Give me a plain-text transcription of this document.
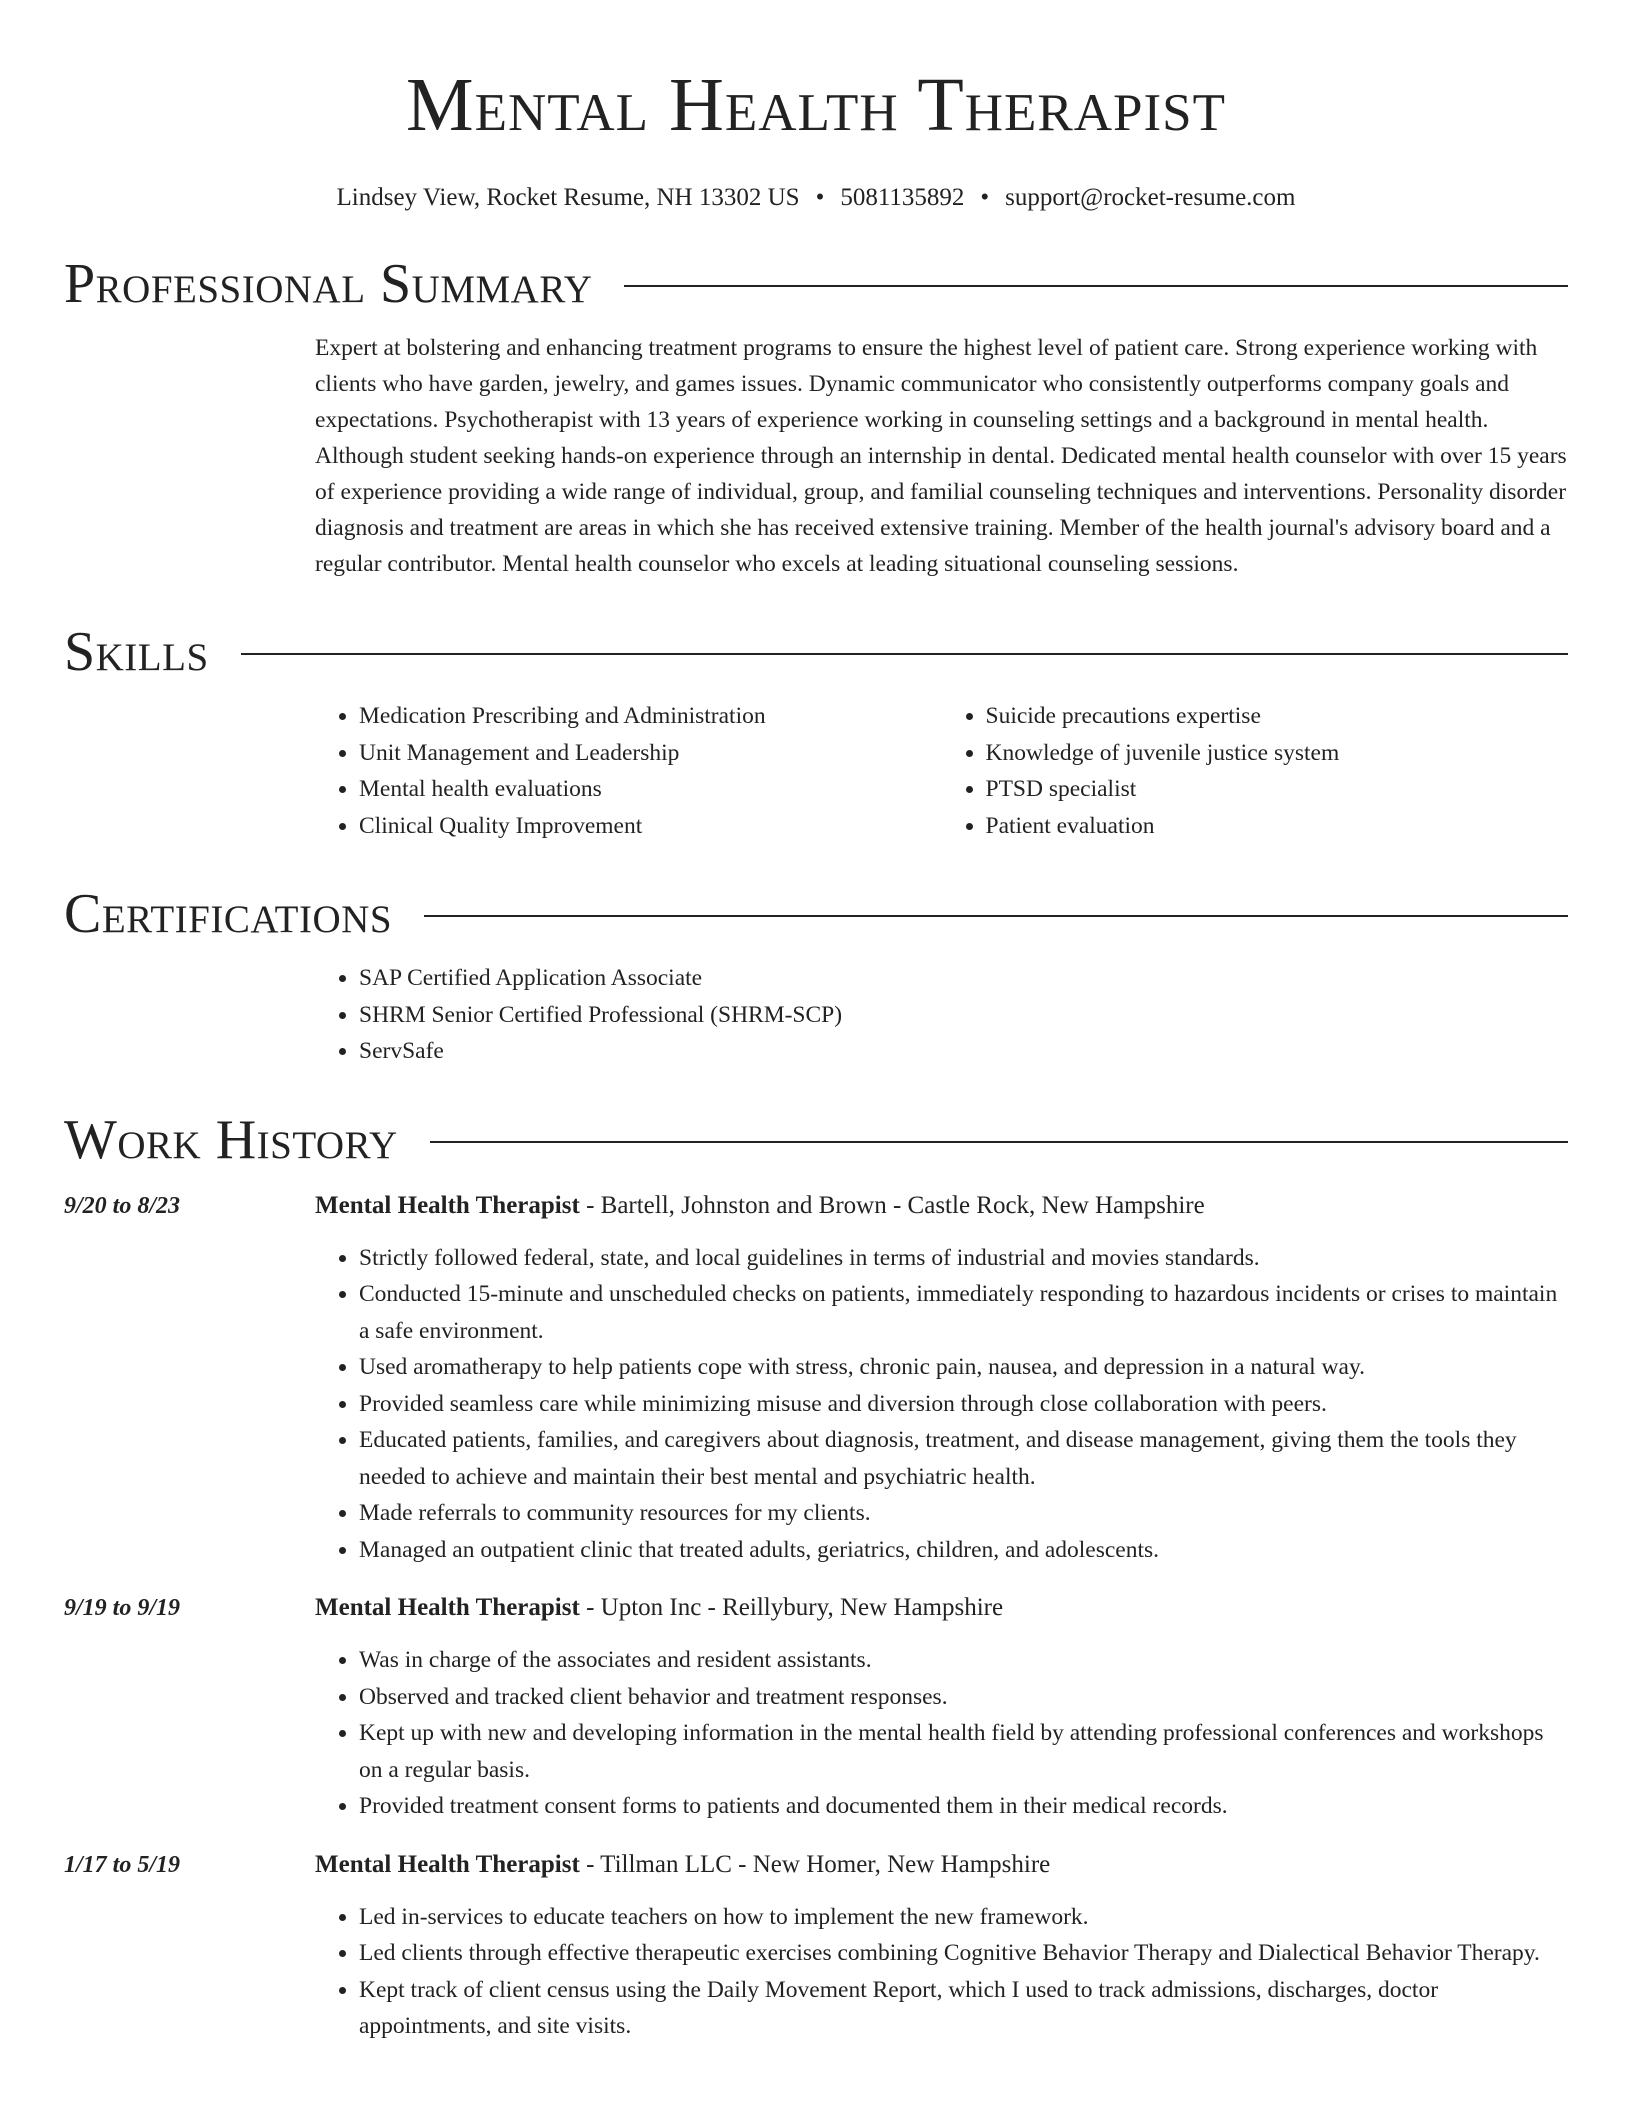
Mental Health Therapist
Lindsey View, Rocket Resume, NH 13302 US • 5081135892 • support@rocket-resume.com
Professional Summary
Expert at bolstering and enhancing treatment programs to ensure the highest level of patient care. Strong experience working with clients who have garden, jewelry, and games issues. Dynamic communicator who consistently outperforms company goals and expectations. Psychotherapist with 13 years of experience working in counseling settings and a background in mental health. Although student seeking hands-on experience through an internship in dental. Dedicated mental health counselor with over 15 years of experience providing a wide range of individual, group, and familial counseling techniques and interventions. Personality disorder diagnosis and treatment are areas in which she has received extensive training. Member of the health journal's advisory board and a regular contributor. Mental health counselor who excels at leading situational counseling sessions.
Skills
• Medication Prescribing and Administration
• Unit Management and Leadership
• Mental health evaluations
• Clinical Quality Improvement
• Suicide precautions expertise
• Knowledge of juvenile justice system
• PTSD specialist
• Patient evaluation
Certifications
• SAP Certified Application Associate
• SHRM Senior Certified Professional (SHRM-SCP)
• ServSafe
Work History
9/20 to 8/23	Mental Health Therapist - Bartell, Johnston and Brown - Castle Rock, New Hampshire
• Strictly followed federal, state, and local guidelines in terms of industrial and movies standards.
• Conducted 15-minute and unscheduled checks on patients, immediately responding to hazardous incidents or crises to maintain a safe environment.
• Used aromatherapy to help patients cope with stress, chronic pain, nausea, and depression in a natural way.
• Provided seamless care while minimizing misuse and diversion through close collaboration with peers.
• Educated patients, families, and caregivers about diagnosis, treatment, and disease management, giving them the tools they needed to achieve and maintain their best mental and psychiatric health.
• Made referrals to community resources for my clients.
• Managed an outpatient clinic that treated adults, geriatrics, children, and adolescents.
9/19 to 9/19	Mental Health Therapist - Upton Inc - Reillybury, New Hampshire
• Was in charge of the associates and resident assistants.
• Observed and tracked client behavior and treatment responses.
• Kept up with new and developing information in the mental health field by attending professional conferences and workshops on a regular basis.
• Provided treatment consent forms to patients and documented them in their medical records.
1/17 to 5/19	Mental Health Therapist - Tillman LLC - New Homer, New Hampshire
• Led in-services to educate teachers on how to implement the new framework.
• Led clients through effective therapeutic exercises combining Cognitive Behavior Therapy and Dialectical Behavior Therapy.
• Kept track of client census using the Daily Movement Report, which I used to track admissions, discharges, doctor appointments, and site visits.
